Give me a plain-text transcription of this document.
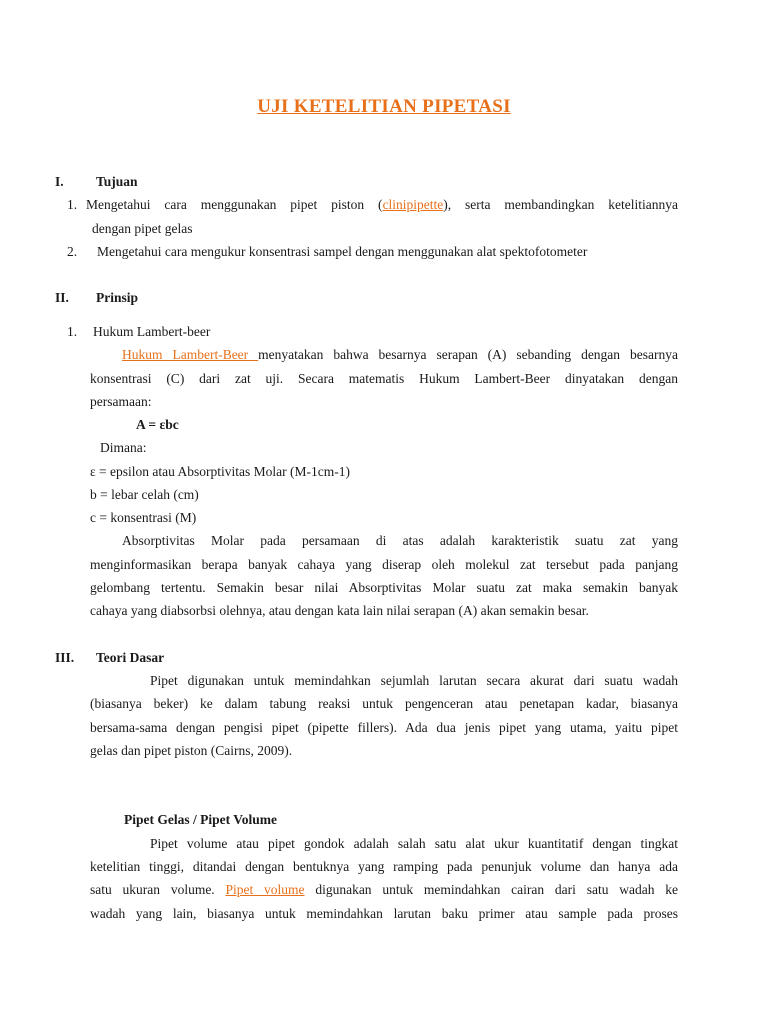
UJI KETELITIAN PIPETASI
I. Tujuan
1. Mengetahui cara menggunakan pipet piston (clinipipette), serta membandingkan ketelitiannya
dengan pipet gelas
2. Mengetahui cara mengukur konsentrasi sampel dengan menggunakan alat spektofotometer
II. Prinsip
1. Hukum Lambert-beer
Hukum Lambert-Beer menyatakan bahwa besarnya serapan (A) sebanding dengan besarnya
konsentrasi (C) dari zat uji. Secara matematis Hukum Lambert-Beer dinyatakan dengan
persamaan:
A = εbc
Dimana:
ε = epsilon atau Absorptivitas Molar (M-1cm-1)
b = lebar celah (cm)
c = konsentrasi (M)
Absorptivitas Molar pada persamaan di atas adalah karakteristik suatu zat yang
menginformasikan berapa banyak cahaya yang diserap oleh molekul zat tersebut pada panjang
gelombang tertentu. Semakin besar nilai Absorptivitas Molar suatu zat maka semakin banyak
cahaya yang diabsorbsi olehnya, atau dengan kata lain nilai serapan (A) akan semakin besar.
III. Teori Dasar
Pipet digunakan untuk memindahkan sejumlah larutan secara akurat dari suatu wadah
(biasanya beker) ke dalam tabung reaksi untuk pengenceran atau penetapan kadar, biasanya
bersama-sama dengan pengisi pipet (pipette fillers). Ada dua jenis pipet yang utama, yaitu pipet
gelas dan pipet piston (Cairns, 2009).
Pipet Gelas / Pipet Volume
Pipet volume atau pipet gondok adalah salah satu alat ukur kuantitatif dengan tingkat
ketelitian tinggi, ditandai dengan bentuknya yang ramping pada penunjuk volume dan hanya ada
satu ukuran volume. Pipet volume digunakan untuk memindahkan cairan dari satu wadah ke
wadah yang lain, biasanya untuk memindahkan larutan baku primer atau sample pada proses
